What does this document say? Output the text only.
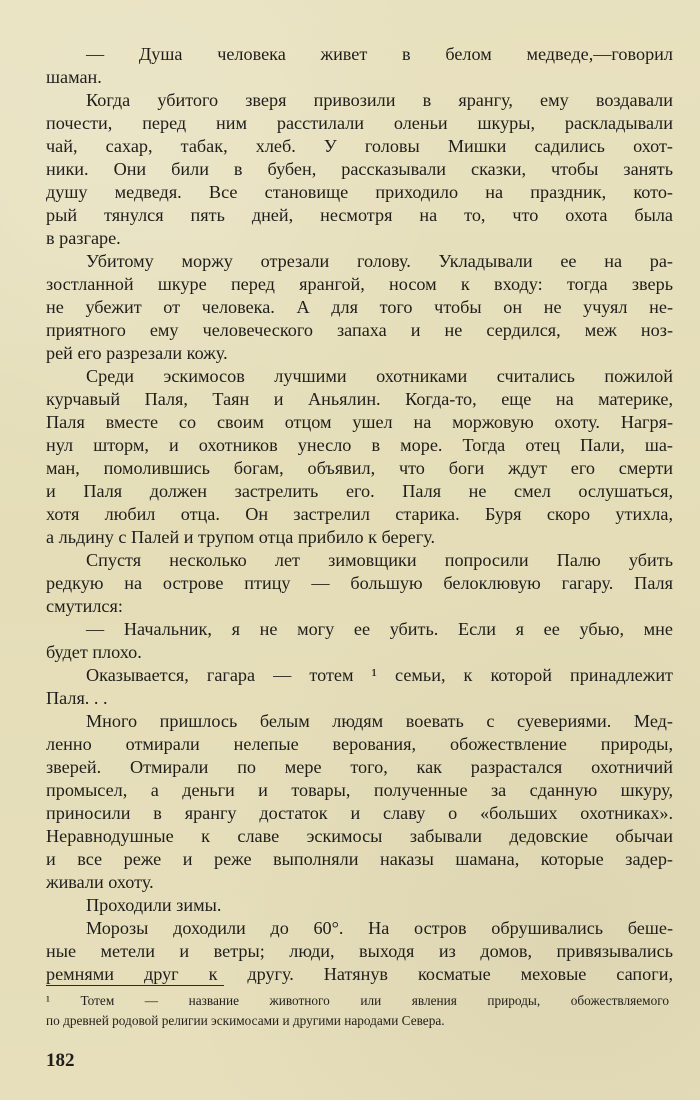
— Душа человека живет в белом медведе,—говорил
шаман.
Когда убитого зверя привозили в ярангу, ему воздавали
почести, перед ним расстилали оленьи шкуры, раскладывали
чай, сахар, табак, хлеб. У головы Мишки садились охот-
ники. Они били в бубен, рассказывали сказки, чтобы занять
душу медведя. Все становище приходило на праздник, кото-
рый тянулся пять дней, несмотря на то, что охота была
в разгаре.
Убитому моржу отрезали голову. Укладывали ее на ра-
зостланной шкуре перед ярангой, носом к входу: тогда зверь
не убежит от человека. А для того чтобы он не учуял не-
приятного ему человеческого запаха и не сердился, меж ноз-
рей его разрезали кожу.
Среди эскимосов лучшими охотниками считались пожилой
курчавый Паля, Таян и Аньялин. Когда-то, еще на материке,
Паля вместе со своим отцом ушел на моржовую охоту. Нагря-
нул шторм, и охотников унесло в море. Тогда отец Пали, ша-
ман, помолившись богам, объявил, что боги ждут его смерти
и Паля должен застрелить его. Паля не смел ослушаться,
хотя любил отца. Он застрелил старика. Буря скоро утихла,
а льдину с Палей и трупом отца прибило к берегу.
Спустя несколько лет зимовщики попросили Палю убить
редкую на острове птицу — большую белоклювую гагару. Паля
смутился:
— Начальник, я не могу ее убить. Если я ее убью, мне
будет плохо.
Оказывается, гагара — тотем ¹ семьи, к которой принадлежит
Паля. . .
Много пришлось белым людям воевать с суевериями. Мед-
ленно отмирали нелепые верования, обожествление природы,
зверей. Отмирали по мере того, как разрастался охотничий
промысел, а деньги и товары, полученные за сданную шкуру,
приносили в ярангу достаток и славу о «больших охотниках».
Неравнодушные к славе эскимосы забывали дедовские обычаи
и все реже и реже выполняли наказы шамана, которые задер-
живали охоту.
Проходили зимы.
Морозы доходили до 60°. На остров обрушивались беше-
ные метели и ветры; люди, выходя из домов, привязывались
ремнями друг к другу. Натянув косматые меховые сапоги,
¹ Тотем — название животного или явления природы, обожествляемого
по древней родовой религии эскимосами и другими народами Севера.
182
